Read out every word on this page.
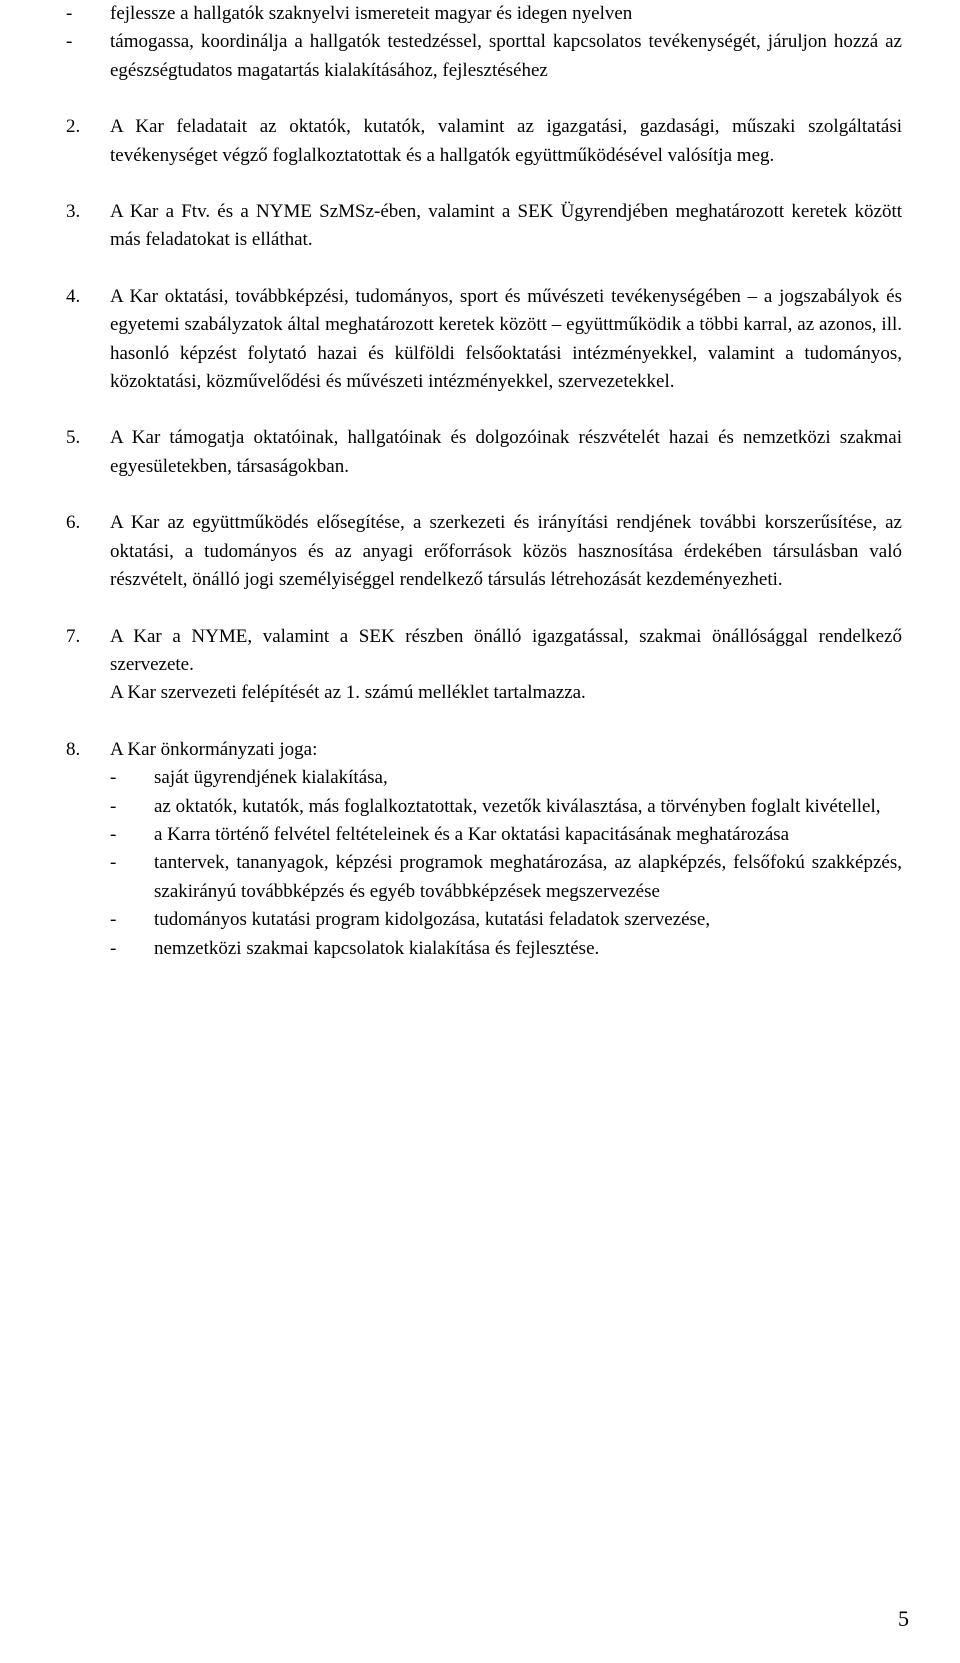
- fejlessze a hallgatók szaknyelvi ismereteit magyar és idegen nyelven
- támogassa, koordinálja a hallgatók testedzéssel, sporttal kapcsolatos tevékenységét, járuljon hozzá az egészségtudatos magatartás kialakításához, fejlesztéséhez
2. A Kar feladatait az oktatók, kutatók, valamint az igazgatási, gazdasági, műszaki szolgáltatási tevékenységet végző foglalkoztatottak és a hallgatók együttműködésével valósítja meg.
3. A Kar a Ftv. és a NYME SzMSz-ében, valamint a SEK Ügyrendjében meghatározott keretek között más feladatokat is elláthat.
4. A Kar oktatási, továbbképzési, tudományos, sport és művészeti tevékenységében – a jogszabályok és egyetemi szabályzatok által meghatározott keretek között – együttműködik a többi karral, az azonos, ill. hasonló képzést folytató hazai és külföldi felsőoktatási intézményekkel, valamint a tudományos, közoktatási, közművelődési és művészeti intézményekkel, szervezetekkel.
5. A Kar támogatja oktatóinak, hallgatóinak és dolgozóinak részvételét hazai és nemzetközi szakmai egyesületekben, társaságokban.
6. A Kar az együttműködés elősegítése, a szerkezeti és irányítási rendjének további korszerűsítése, az oktatási, a tudományos és az anyagi erőforrások közös hasznosítása érdekében társulásban való részvételt, önálló jogi személyiséggel rendelkező társulás létrehozását kezdeményezheti.
7. A Kar a NYME, valamint a SEK részben önálló igazgatással, szakmai önállósággal rendelkező szervezete.
A Kar szervezeti felépítését az 1. számú melléklet tartalmazza.
8. A Kar önkormányzati joga:
- saját ügyrendjének kialakítása,
- az oktatók, kutatók, más foglalkoztatottak, vezetők kiválasztása, a törvényben foglalt kivétellel,
- a Karra történő felvétel feltételeinek és a Kar oktatási kapacitásának meghatározása
- tantervek, tananyagok, képzési programok meghatározása, az alapképzés, felsőfokú szakképzés, szakirányú továbbképzés és egyéb továbbképzések megszervezése
- tudományos kutatási program kidolgozása, kutatási feladatok szervezése,
- nemzetközi szakmai kapcsolatok kialakítása és fejlesztése.
5
